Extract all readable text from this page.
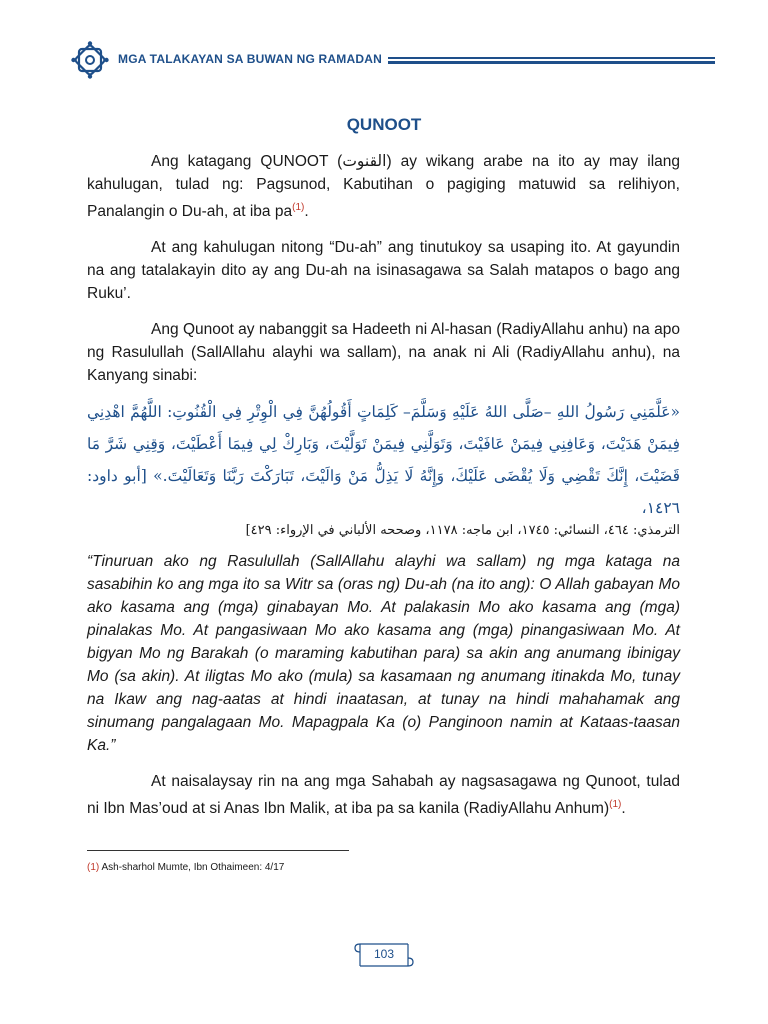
MGA TALAKAYAN SA BUWAN NG RAMADAN
QUNOOT

Ang katagang QUNOOT (القنوت) ay wikang arabe na ito ay may ilang kahulugan, tulad ng: Pagsunod, Kabutihan o pagiging matuwid sa relihiyon, Panalangin o Du-ah, at iba pa$^{(1)}$.

At ang kahulugan nitong “Du-ah” ang tinutukoy sa usaping ito. At gayundin na ang tatalakayin dito ay ang Du-ah na isinasagawa sa Salah matapos o bago ang Ruku’.

Ang Qunoot ay nabanggit sa Hadeeth ni Al-hasan (RadiyAllahu anhu) na apo ng Rasulullah (SallAllahu alayhi wa sallam), na anak ni Ali (RadiyAllahu anhu), na Kanyang sinabi:

«عَلَّمَنِي رَسُولُ اللهِ –صَلَّى اللهُ عَلَيْهِ وَسَلَّمَ– كَلِمَاتٍ أَقُولُهُنَّ فِي الْوِتْرِ فِي الْقُنُوتِ: اللَّهُمَّ اهْدِنِي فِيمَنْ هَدَيْتَ، وَعَافِنِي فِيمَنْ عَافَيْتَ، وَتَوَلَّنِي فِيمَنْ تَوَلَّيْتَ، وَبَارِكْ لِي فِيمَا أَعْطَيْتَ، وَقِنِي شَرَّ مَا قَضَيْتَ، إِنَّكَ تَقْضِي وَلَا يُقْضَى عَلَيْكَ، وَإِنَّهُ لَا يَذِلُّ مَنْ وَالَيْتَ، تَبَارَكْتَ رَبَّنَا وَتَعَالَيْتَ.» [أبو داود: ١٤٢٦،

الترمذي: ٤٦٤، النسائي: ١٧٤٥، ابن ماجه: ١١٧٨، وصححه الألباني في الإرواء: ٤٢٩]

“Tinuruan ako ng Rasulullah (SallAllahu alayhi wa sallam) ng mga kataga na sasabihin ko ang mga ito sa Witr sa (oras ng) Du-ah (na ito ang): O Allah gabayan Mo ako kasama ang (mga) ginabayan Mo. At palakasin Mo ako kasama ang (mga) pinalakas Mo. At pangasiwaan Mo ako kasama ang (mga) pinangasiwaan Mo. At bigyan Mo ng Barakah (o maraming kabutihan para) sa akin ang anumang ibinigay Mo (sa akin). At iligtas Mo ako (mula) sa kasamaan ng anumang itinakda Mo, tunay na Ikaw ang nag-aatas at hindi inaatasan, at tunay na hindi mahahamak ang sinumang pangalagaan Mo. Mapagpala Ka (o) Panginoon namin at Kataas-taasan Ka.”

At naisalaysay rin na ang mga Sahabah ay nagsasagawa ng Qunoot, tulad ni Ibn Mas’oud at si Anas Ibn Malik, at iba pa sa kanila (RadiyAllahu Anhum)$^{(1)}$.

(1) Ash-sharhol Mumte, Ibn Othaimeen: 4/17
103
